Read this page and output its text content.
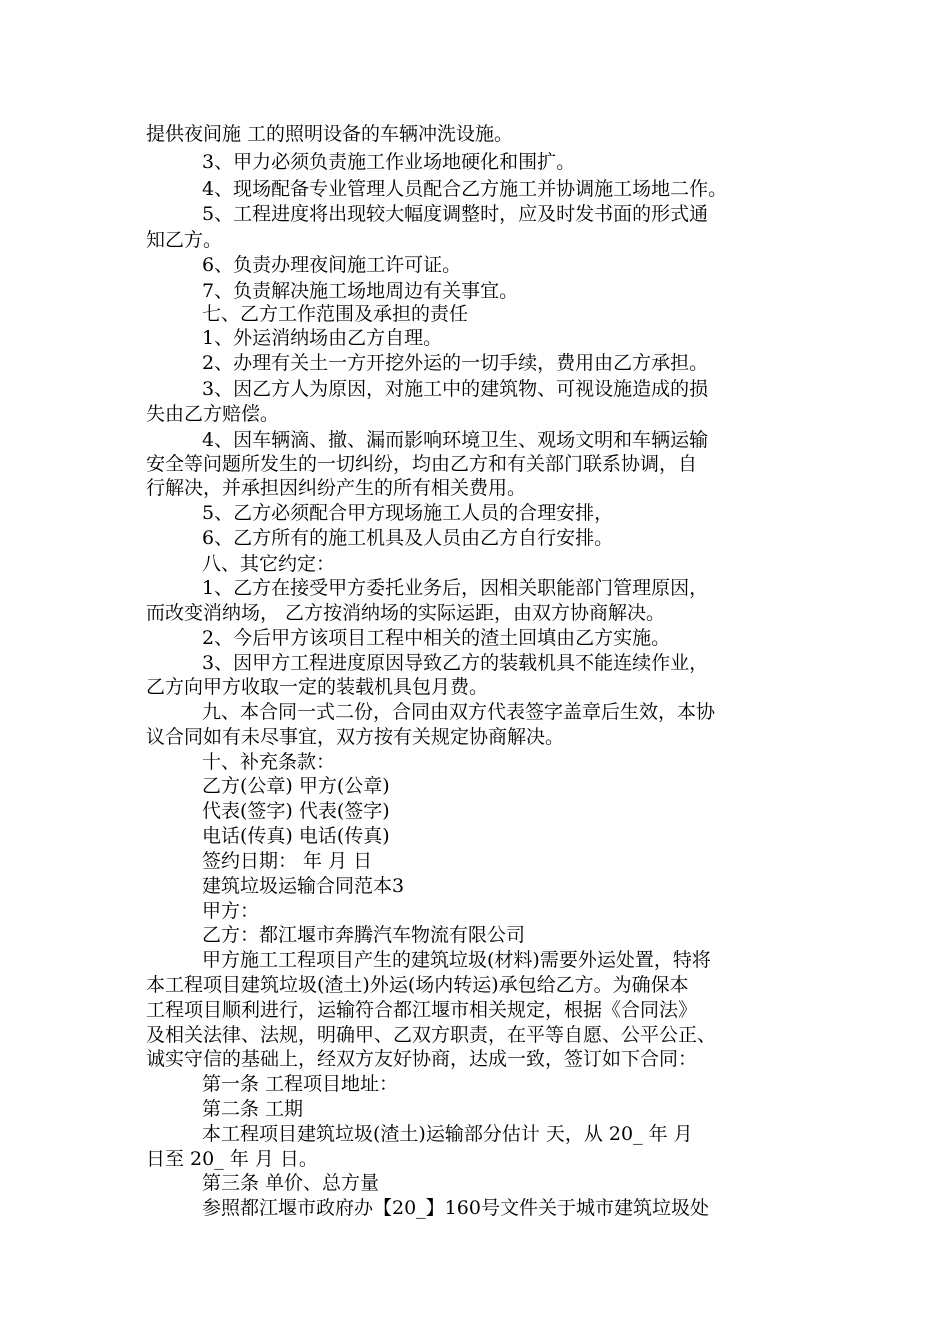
提供夜间施 工的照明设备的车辆冲洗设施。
3、甲力必须负责施工作业场地硬化和围扩。
4、现场配备专业管理人员配合乙方施工并协调施工场地二作。
5、工程进度将出现较大幅度调整时，应及时发书面的形式通
知乙方。
6、负责办理夜间施工许可证。
7、负责解决施工场地周边有关事宜。
七、乙方工作范围及承担的责任
1、外运消纳场由乙方自理。
2、办理有关土一方开挖外运的一切手续，费用由乙方承担。
3、因乙方人为原因，对施工中的建筑物、可视设施造成的损
失由乙方赔偿。
4、因车辆滴、撤、漏而影响环境卫生、观场文明和车辆运输
安全等问题所发生的一切纠纷，均由乙方和有关部门联系协调，自
行解决，并承担因纠纷产生的所有相关费用。
5、乙方必须配合甲方现场施工人员的合理安排，
6、乙方所有的施工机具及人员由乙方自行安排。
八、其它约定：
1、乙方在接受甲方委托业务后，因相关职能部门管理原因，
而改变消纳场， 乙方按消纳场的实际运距，由双方协商解决。
2、今后甲方该项目工程中相关的渣土回填由乙方实施。
3、因甲方工程进度原因导致乙方的装载机具不能连续作业，
乙方向甲方收取一定的装载机具包月费。
九、本合同一式二份，合同由双方代表签字盖章后生效，本协
议合同如有未尽事宜，双方按有关规定协商解决。
十、补充条款：
乙方(公章) 甲方(公章)
代表(签字) 代表(签字)
电话(传真) 电话(传真)
签约日期： 年 月 日
建筑垃圾运输合同范本3
甲方：
乙方：都江堰市奔腾汽车物流有限公司
甲方施工工程项目产生的建筑垃圾(材料)需要外运处置，特将
本工程项目建筑垃圾(渣土)外运(场内转运)承包给乙方。为确保本
工程项目顺利进行，运输符合都江堰市相关规定，根据《合同法》
及相关法律、法规，明确甲、乙双方职责，在平等自愿、公平公正、
诚实守信的基础上，经双方友好协商，达成一致，签订如下合同：
第一条 工程项目地址：
第二条 工期
本工程项目建筑垃圾(渣土)运输部分估计 天，从 20_ 年 月
日至 20_ 年 月 日。
第三条 单价、总方量
参照都江堰市政府办【20_】160号文件关于城市建筑垃圾处
